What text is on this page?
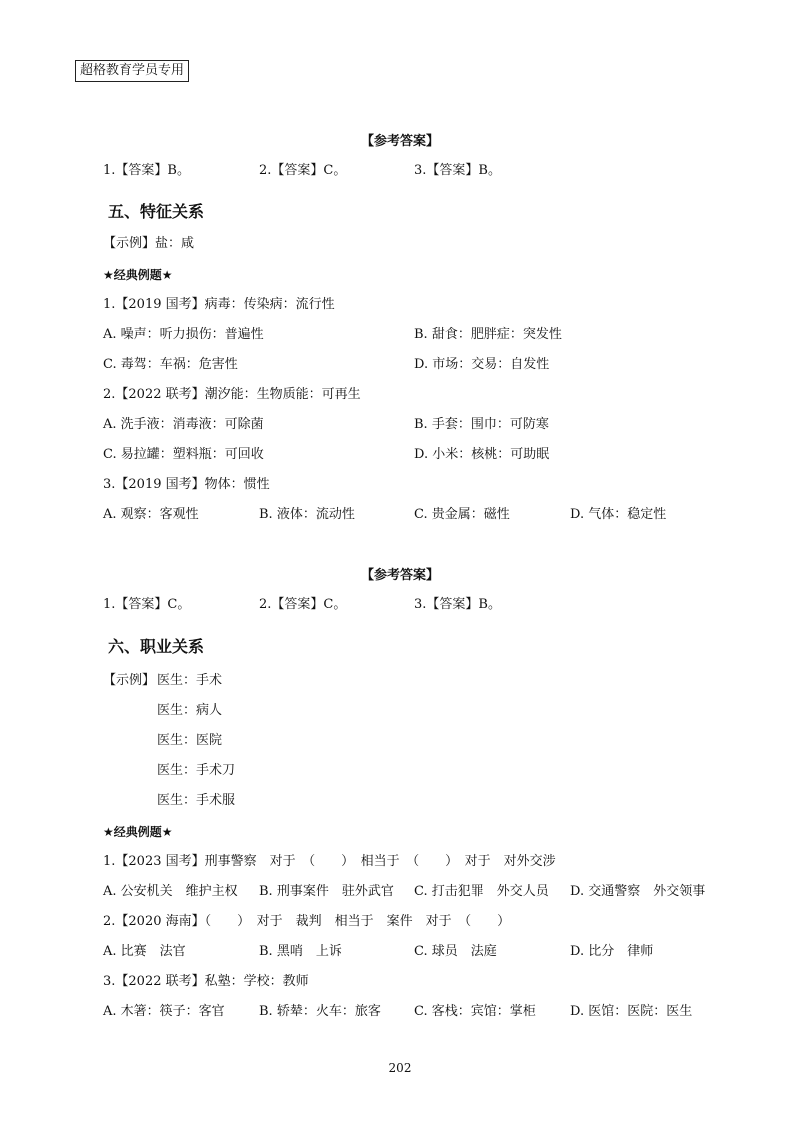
超格教育学员专用
【参考答案】
1.【答案】B。	2.【答案】C。	3.【答案】B。
五、特征关系
【示例】盐：咸
★经典例题★
1.【2019 国考】病毒：传染病：流行性
A. 噪声：听力损伤：普遍性	B. 甜食：肥胖症：突发性
C. 毒驾：车祸：危害性	D. 市场：交易：自发性
2.【2022 联考】潮汐能：生物质能：可再生
A. 洗手液：消毒液：可除菌	B. 手套：围巾：可防寒
C. 易拉罐：塑料瓶：可回收	D. 小米：核桃：可助眠
3.【2019 国考】物体：惯性
A. 观察：客观性	B. 液体：流动性	C. 贵金属：磁性	D. 气体：稳定性
【参考答案】
1.【答案】C。	2.【答案】C。	3.【答案】B。
六、职业关系
【示例】 医生：手术
医生：病人
医生：医院
医生：手术刀
医生：手术服
★经典例题★
1.【2023 国考】刑事警察　对于　（　　）　相当于　（　　）　对于　对外交涉
A. 公安机关　维护主权 B. 刑事案件　驻外武官 C. 打击犯罪　外交人员 D. 交通警察　外交领事
2.【2020 海南】（　　）　对于　裁判　相当于　案件　对于　（　　）
A. 比赛　法官	B. 黑哨　上诉	C. 球员　法庭	D. 比分　律师
3.【2022 联考】私塾：学校：教师
A. 木箸：筷子：客官	B. 轿辇：火车：旅客	C. 客栈：宾馆：掌柜	D. 医馆：医院：医生
202
